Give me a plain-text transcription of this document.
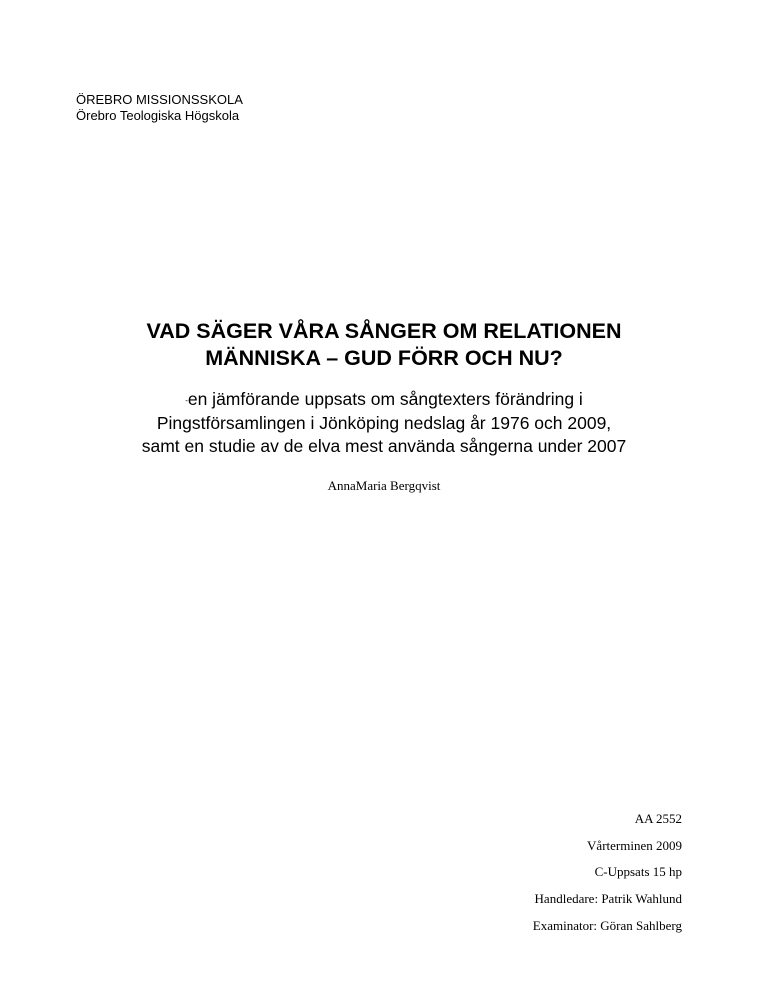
ÖREBRO MISSIONSSKOLA
Örebro Teologiska Högskola
VAD SÄGER VÅRA SÅNGER OM RELATIONEN
MÄNNISKA – GUD FÖRR OCH NU?
-en jämförande uppsats om sångtexters förändring i
Pingstförsamlingen i Jönköping nedslag år 1976 och 2009,
samt en studie av de elva mest använda sångerna under 2007
AnnaMaria Bergqvist
AA 2552
Vårterminen 2009
C-Uppsats 15 hp
Handledare: Patrik Wahlund
Examinator: Göran Sahlberg
